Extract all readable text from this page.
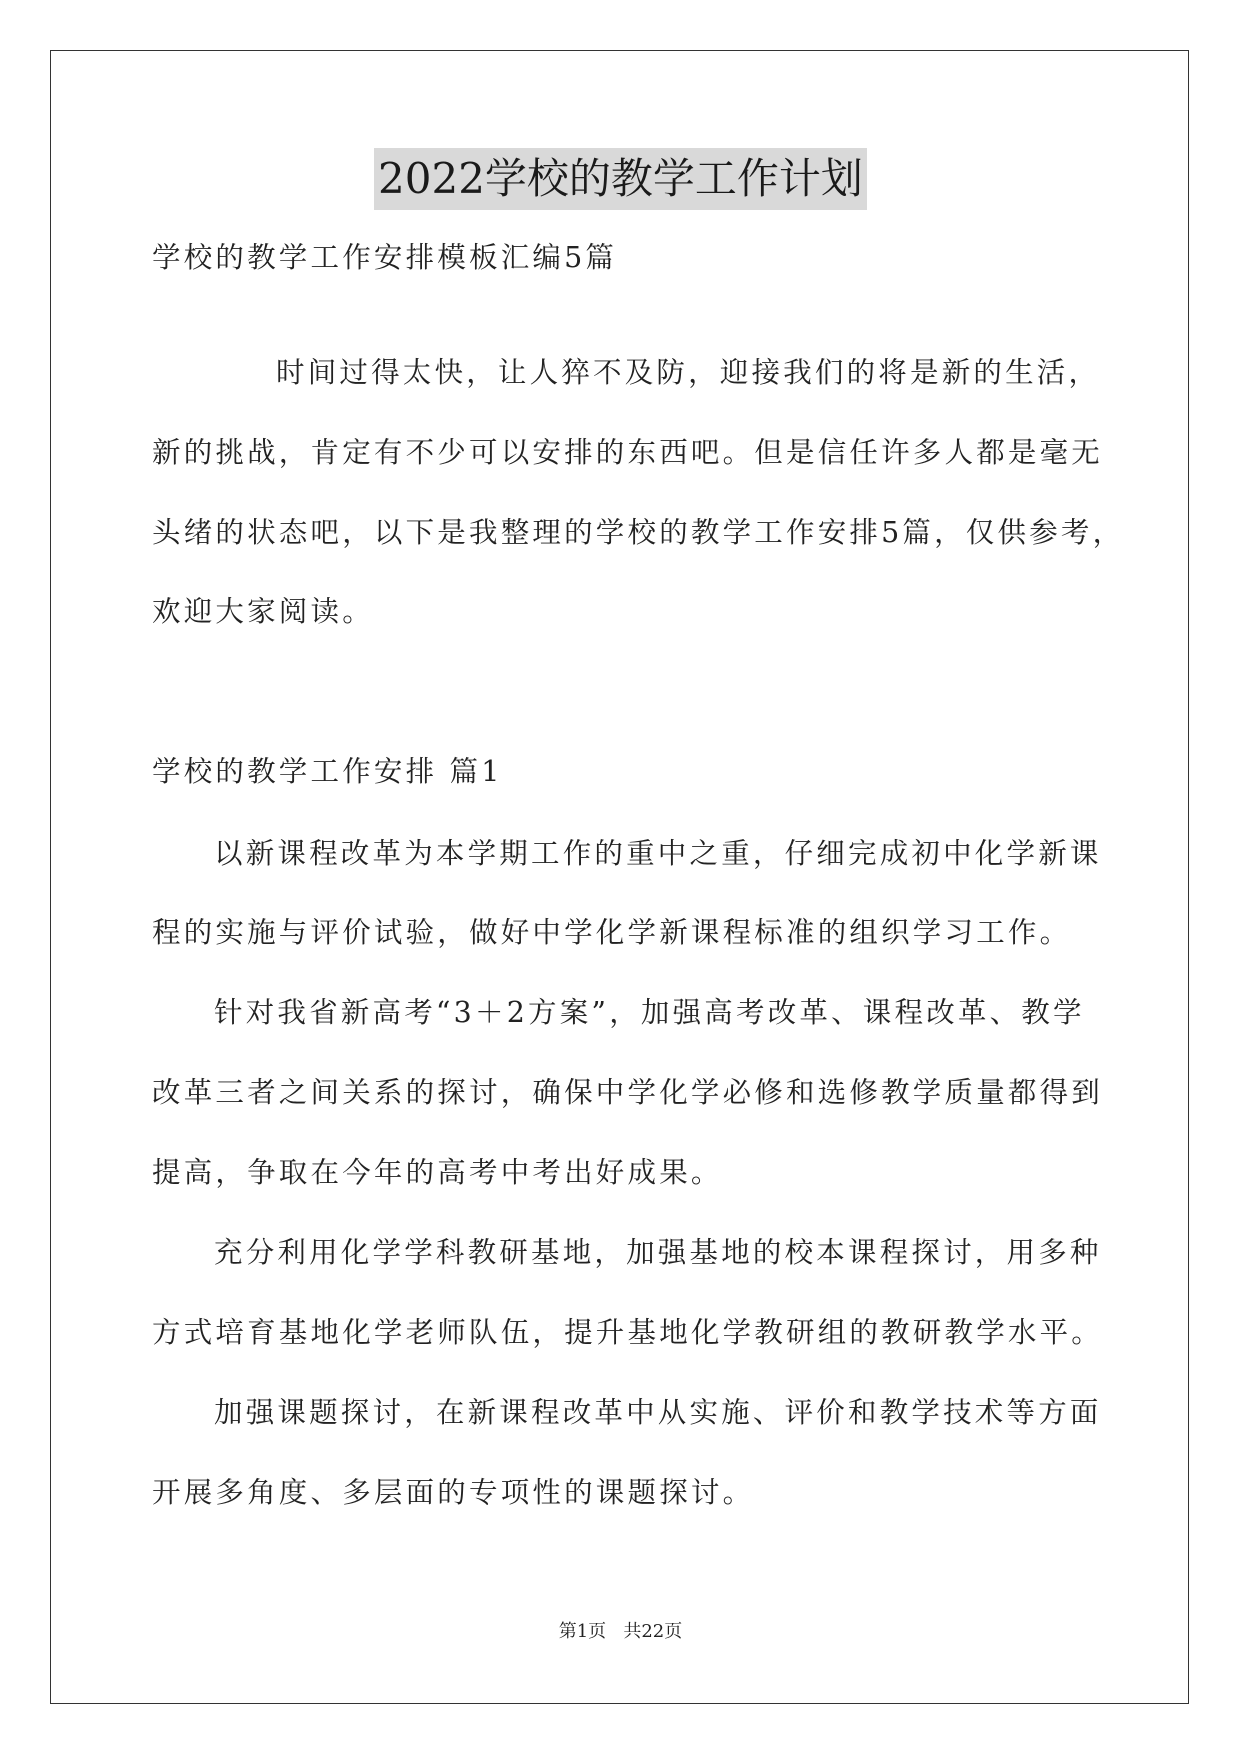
2022学校的教学工作计划
学校的教学工作安排模板汇编5篇
时间过得太快，让人猝不及防，迎接我们的将是新的生活，
新的挑战，肯定有不少可以安排的东西吧。但是信任许多人都是毫无
头绪的状态吧，以下是我整理的学校的教学工作安排5篇，仅供参考，
欢迎大家阅读。
学校的教学工作安排 篇1
以新课程改革为本学期工作的重中之重，仔细完成初中化学新课
程的实施与评价试验，做好中学化学新课程标准的组织学习工作。
针对我省新高考“3＋2方案”，加强高考改革、课程改革、教学
改革三者之间关系的探讨，确保中学化学必修和选修教学质量都得到
提高，争取在今年的高考中考出好成果。
充分利用化学学科教研基地，加强基地的校本课程探讨，用多种
方式培育基地化学老师队伍，提升基地化学教研组的教研教学水平。
加强课题探讨，在新课程改革中从实施、评价和教学技术等方面
开展多角度、多层面的专项性的课题探讨。
第1页   共22页
